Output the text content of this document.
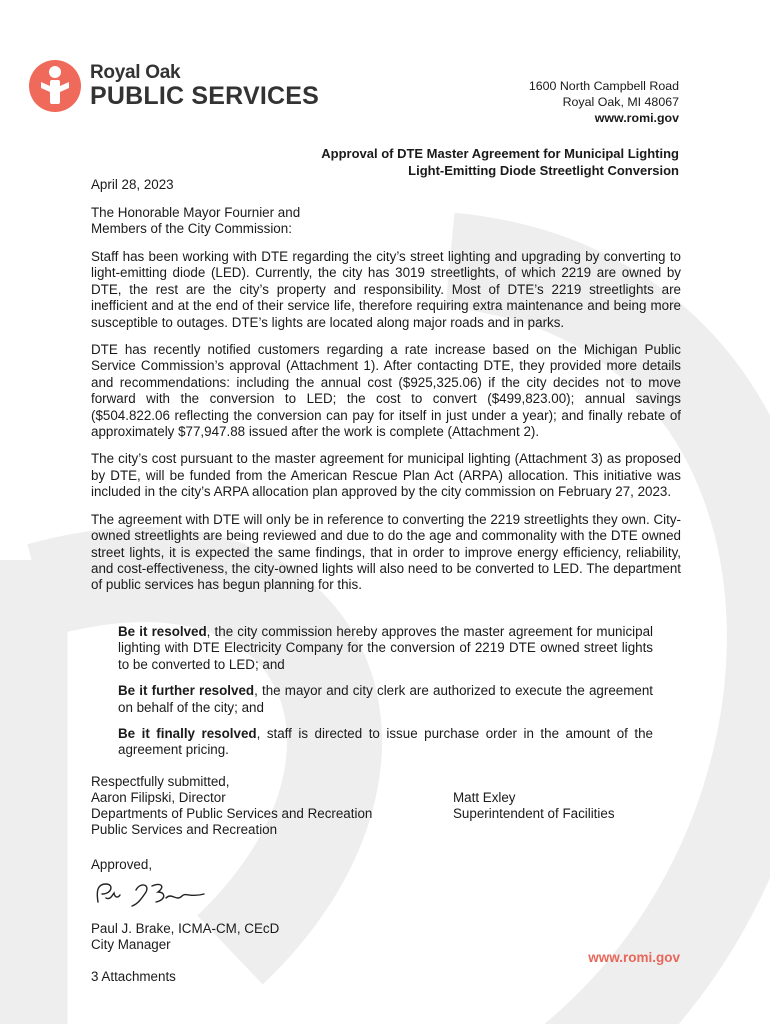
Royal Oak
PUBLIC SERVICES	1600 North Campbell Road
Royal Oak, MI 48067
www.romi.gov
Approval of DTE Master Agreement for Municipal Lighting
Light-Emitting Diode Streetlight Conversion
April 28, 2023
The Honorable Mayor Fournier and
Members of the City Commission:

Staff has been working with DTE regarding the city’s street lighting and upgrading by converting to light-emitting diode (LED). Currently, the city has 3019 streetlights, of which 2219 are owned by DTE, the rest are the city’s property and responsibility. Most of DTE’s 2219 streetlights are inefficient and at the end of their service life, therefore requiring extra maintenance and being more susceptible to outages. DTE’s lights are located along major roads and in parks.

DTE has recently notified customers regarding a rate increase based on the Michigan Public Service Commission’s approval (Attachment 1). After contacting DTE, they provided more details and recommendations: including the annual cost ($925,325.06) if the city decides not to move forward with the conversion to LED; the cost to convert ($499,823.00); annual savings ($504.822.06 reflecting the conversion can pay for itself in just under a year); and finally rebate of approximately $77,947.88 issued after the work is complete (Attachment 2).

The city’s cost pursuant to the master agreement for municipal lighting (Attachment 3) as proposed by DTE, will be funded from the American Rescue Plan Act (ARPA) allocation. This initiative was included in the city’s ARPA allocation plan approved by the city commission on February 27, 2023.

The agreement with DTE will only be in reference to converting the 2219 streetlights they own. City-owned streetlights are being reviewed and due to do the age and commonality with the DTE owned street lights, it is expected the same findings, that in order to improve energy efficiency, reliability, and cost-effectiveness, the city-owned lights will also need to be converted to LED. The department of public services has begun planning for this.

Be it resolved, the city commission hereby approves the master agreement for municipal lighting with DTE Electricity Company for the conversion of 2219 DTE owned street lights to be converted to LED; and

Be it further resolved, the mayor and city clerk are authorized to execute the agreement on behalf of the city; and

Be it finally resolved, staff is directed to issue purchase order in the amount of the agreement pricing.

Respectfully submitted,
Aaron Filipski, Director
Departments of Public Services and Recreation
Public Services and Recreation
Matt Exley
Superintendent of Facilities
Approved,
Paul J. Brake, ICMA-CM, CEcD
City Manager
3 Attachments
www.romi.gov
